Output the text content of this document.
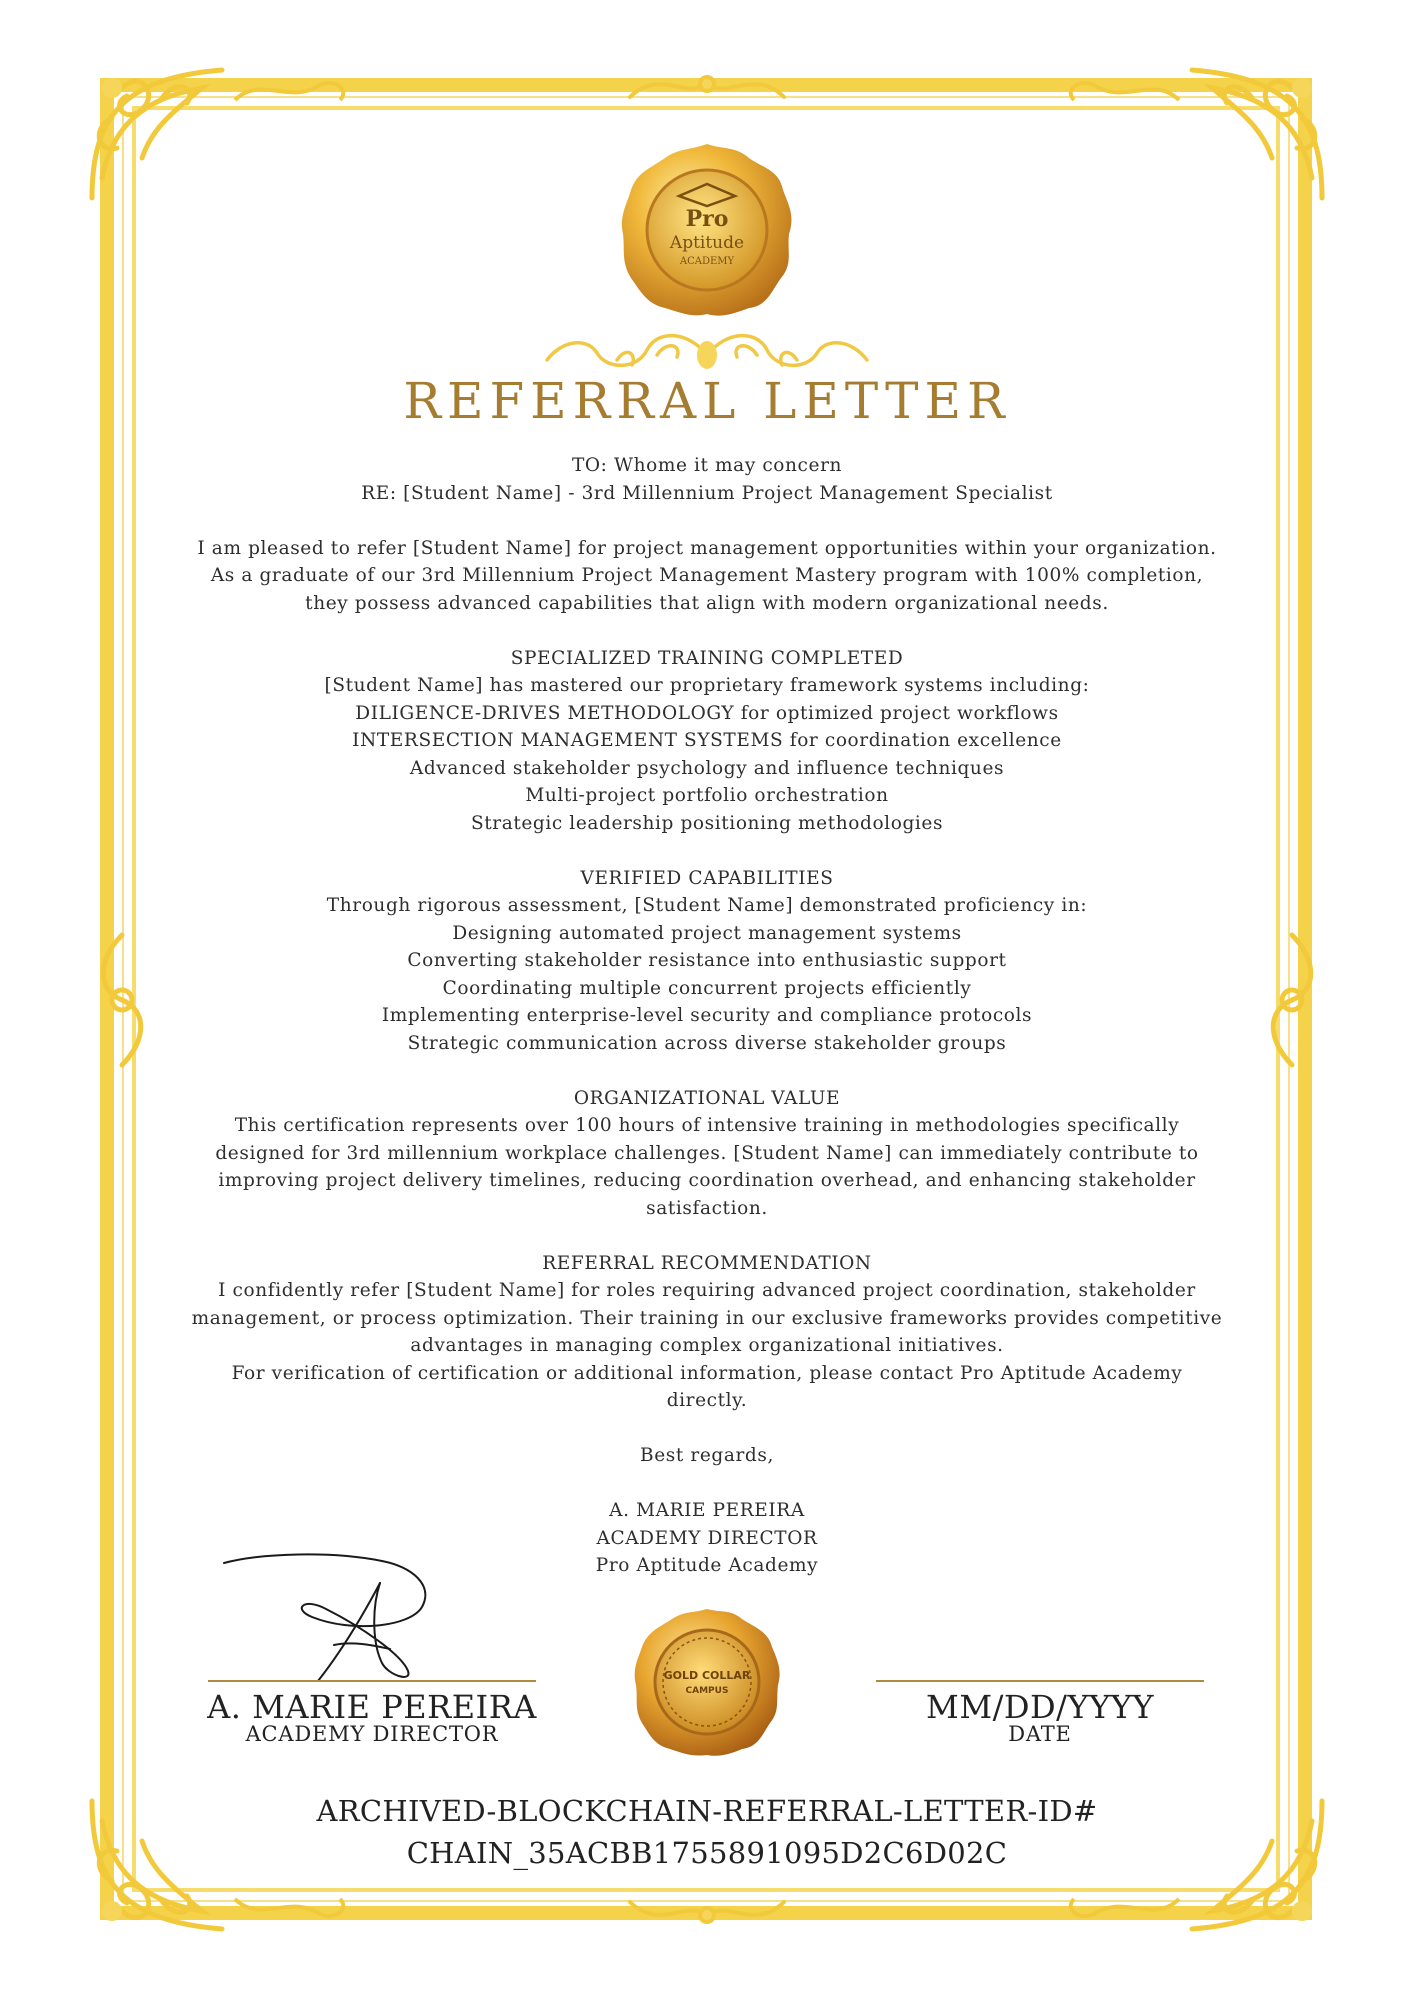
Pro
Aptitude
ACADEMY
REFERRAL LETTER

TO: Whome it may concern

RE: [Student Name] - 3rd Millennium Project Management Specialist

I am pleased to refer [Student Name] for project management opportunities within your organization.

As a graduate of our 3rd Millennium Project Management Mastery program with 100% completion,

they possess advanced capabilities that align with modern organizational needs.

SPECIALIZED TRAINING COMPLETED

[Student Name] has mastered our proprietary framework systems including:

DILIGENCE-DRIVES METHODOLOGY for optimized project workflows

INTERSECTION MANAGEMENT SYSTEMS for coordination excellence

Advanced stakeholder psychology and influence techniques

Multi-project portfolio orchestration

Strategic leadership positioning methodologies

VERIFIED CAPABILITIES

Through rigorous assessment, [Student Name] demonstrated proficiency in:

Designing automated project management systems

Converting stakeholder resistance into enthusiastic support

Coordinating multiple concurrent projects efficiently

Implementing enterprise-level security and compliance protocols

Strategic communication across diverse stakeholder groups

ORGANIZATIONAL VALUE

This certification represents over 100 hours of intensive training in methodologies specifically

designed for 3rd millennium workplace challenges. [Student Name] can immediately contribute to

improving project delivery timelines, reducing coordination overhead, and enhancing stakeholder

satisfaction.

REFERRAL RECOMMENDATION

I confidently refer [Student Name] for roles requiring advanced project coordination, stakeholder

management, or process optimization. Their training in our exclusive frameworks provides competitive

advantages in managing complex organizational initiatives.

For verification of certification or additional information, please contact Pro Aptitude Academy

directly.

Best regards,

A. MARIE PEREIRA

ACADEMY DIRECTOR

Pro Aptitude Academy

A. MARIE PEREIRA
ACADEMY DIRECTOR
GOLD COLLAR
CAMPUS	MM/DD/YYYY
DATE
ARCHIVED-BLOCKCHAIN-REFERRAL-LETTER-ID#
CHAIN_35ACBB1755891095D2C6D02C
